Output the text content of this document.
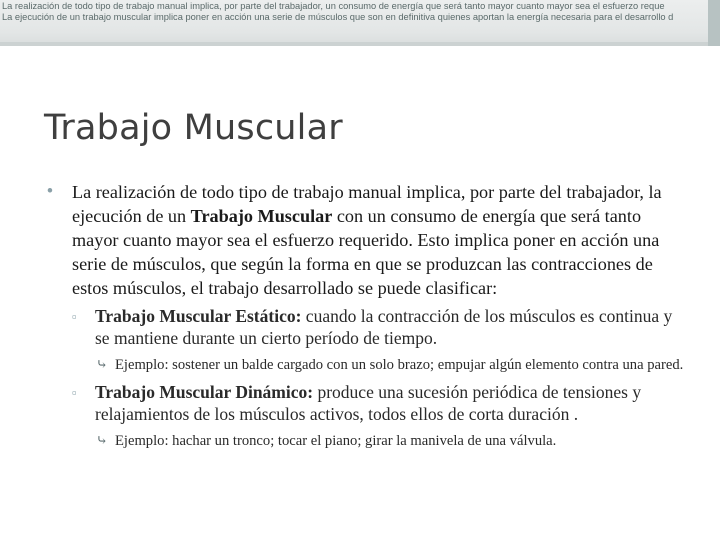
La realización de todo tipo de trabajo manual implica, por parte del trabajador, un consumo de energía que será tanto mayor cuanto mayor sea el esfuerzo reque
La ejecución de un trabajo muscular implica poner en acción una serie de músculos que son en definitiva quienes aportan la energía necesaria para el desarrollo d
Trabajo Muscular
•	La realización de todo tipo de trabajo manual implica, por parte del trabajador, la ejecución de un Trabajo Muscular con un consumo de energía que será tanto mayor cuanto mayor sea el esfuerzo requerido. Esto implica poner en acción una serie de músculos, que según la forma en que se produzcan las contracciones de estos músculos, el trabajo desarrollado se puede clasificar:
▫ Trabajo Muscular Estático: cuando la contracción de los músculos es continua y se mantiene durante un cierto período de tiempo.
⤷ Ejemplo: sostener un balde cargado con un solo brazo; empujar algún elemento contra una pared.
▫ Trabajo Muscular Dinámico: produce una sucesión periódica de tensiones y relajamientos de los músculos activos, todos ellos de corta duración .
⤷ Ejemplo: hachar un tronco; tocar el piano; girar la manivela de una válvula.
